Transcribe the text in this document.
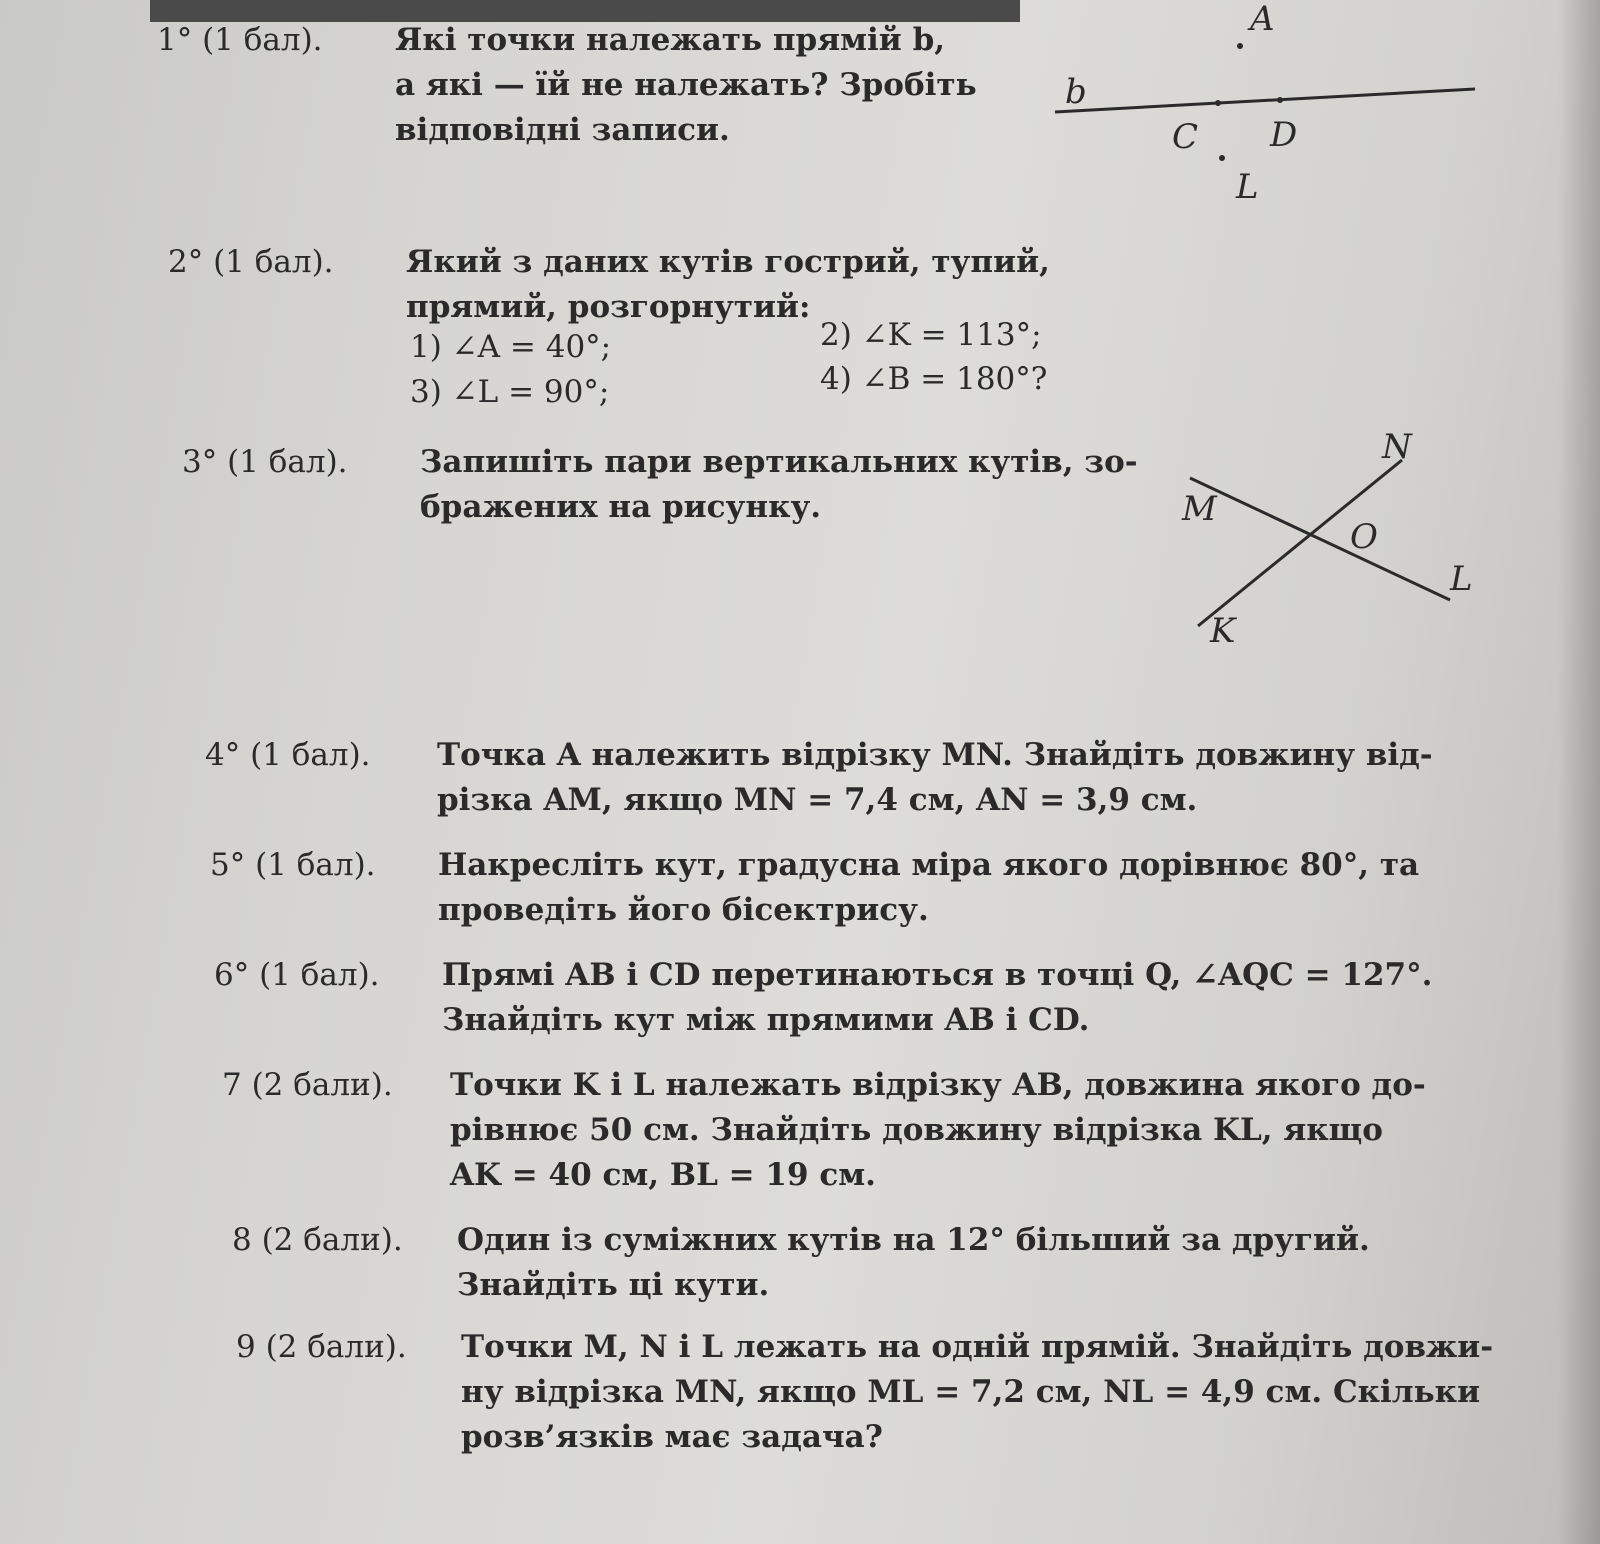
1° (1 бал). Які точки належать прямій b,
а які — їй не належать? Зробіть
відповідні записи.
A
b
C D
L
2° (1 бал). Який з даних кутів гострий, тупий,
прямий, розгорнутий:
1) ∠A = 40°;	2) ∠K = 113°;
3) ∠L = 90°;	4) ∠B = 180°?
3° (1 бал). Запишіть пари вертикальних кутів, зо-
бражених на рисунку.
N
M
O
L
K
4° (1 бал). Точка A належить відрізку MN. Знайдіть довжину від-
різка AM, якщо MN = 7,4 см, AN = 3,9 см.
5° (1 бал). Накресліть кут, градусна міра якого дорівнює 80°, та
проведіть його бісектрису.
6° (1 бал). Прямі AB і CD перетинаються в точці Q, ∠AQC = 127°.
Знайдіть кут між прямими AB і CD.
7 (2 бали). Точки K і L належать відрізку AB, довжина якого до-
рівнює 50 см. Знайдіть довжину відрізка KL, якщо
AK = 40 см, BL = 19 см.
8 (2 бали). Один із суміжних кутів на 12° більший за другий.
Знайдіть ці кути.
9 (2 бали). Точки M, N і L лежать на одній прямій. Знайдіть довжи-
ну відрізка MN, якщо ML = 7,2 см, NL = 4,9 см. Скільки
розв’язків має задача?
